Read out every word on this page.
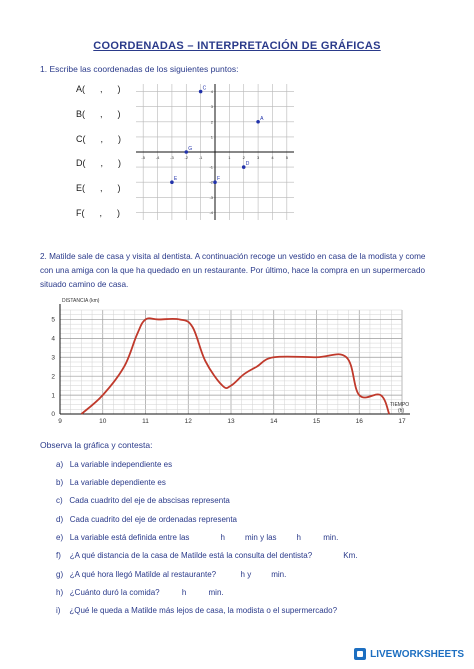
COORDENADAS – INTERPRETACIÓN DE GRÁFICAS
1. Escribe las coordenadas de los siguientes puntos:
A(      ,      )
B(      ,      )
C(      ,      )
D(      ,      )
E(      ,      )
F(      ,      )
-5	-4	-3	-2	-1	1	2	3	4	5
4
3
2
1
-1
-2
-3
-4
A
C
D
E	F
G
2. Matilde sale de casa y visita al dentista. A continuación recoge un vestido en casa de la modista y come con una amiga con la que ha quedado en un restaurante. Por último, hace la compra en un supermercado situado camino de casa.
9	10	11	12	13	14	15	16	17
0
1
2
3
4
5
DISTANCIA (km)
TIEMPO
(h)
Observa la gráfica y contesta:
a)   La variable independiente es
b)   La variable dependiente es
c)   Cada cuadrito del eje de abscisas representa
d)   Cada cuadrito del eje de ordenadas representa
e)   La variable está definida entre las              h         min y las         h          min.
f)    ¿A qué distancia de la casa de Matilde está la consulta del dentista?              Km.
g)   ¿A qué hora llegó Matilde al restaurante?           h y         min.
h)   ¿Cuánto duró la comida?          h          min.
i)    ¿Qué le queda a Matilde más lejos de casa, la modista o el supermercado?
LIVEWORKSHEETS
